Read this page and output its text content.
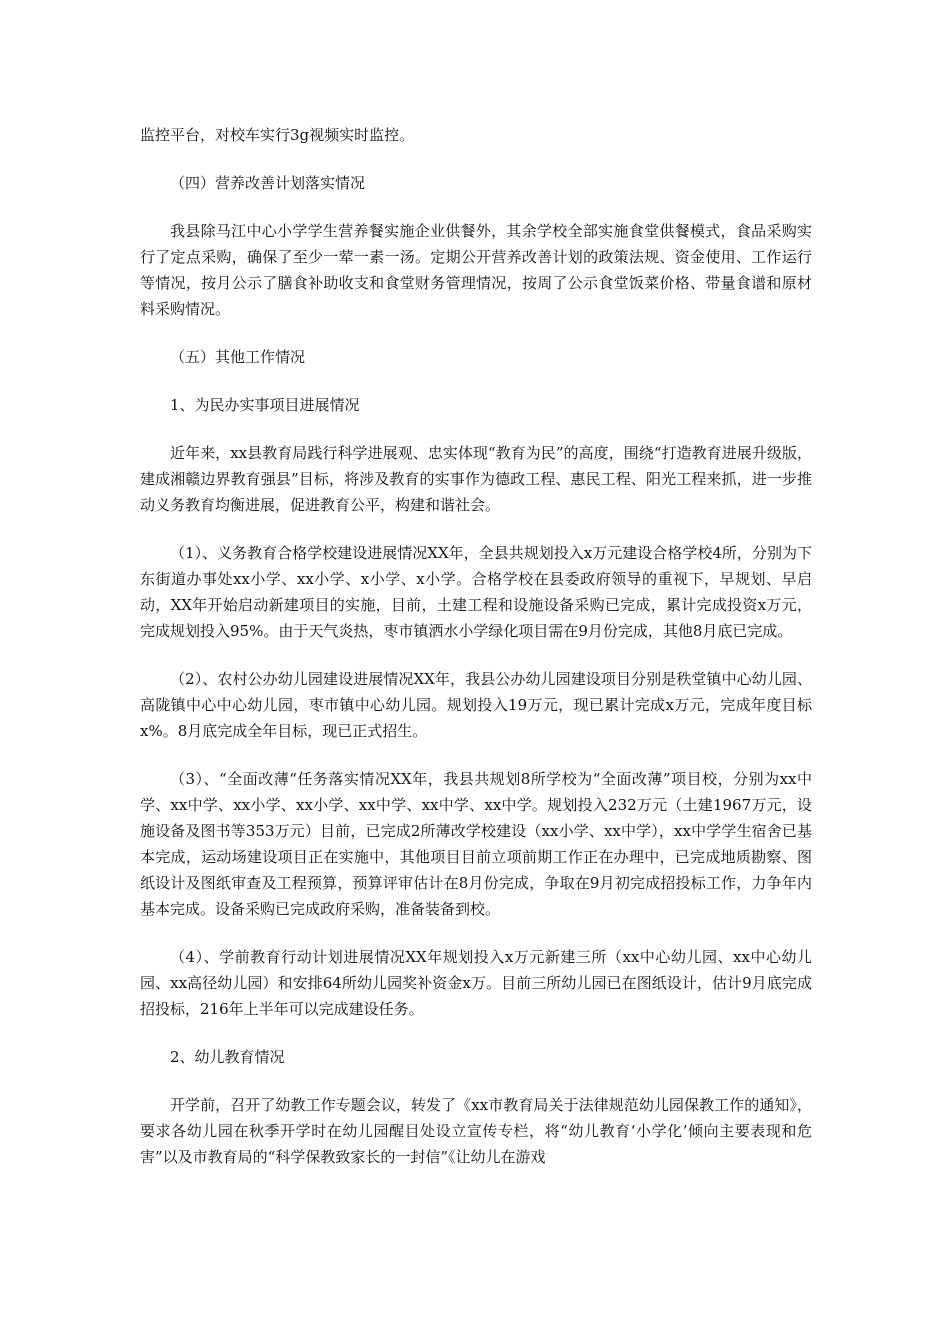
监控平台，对校车实行3g视频实时监控。

（四）营养改善计划落实情况

我县除马江中心小学学生营养餐实施企业供餐外，其余学校全部实施食堂供餐模式，食品采购实行了定点采购，确保了至少一荤一素一汤。定期公开营养改善计划的政策法规、资金使用、工作运行等情况，按月公示了膳食补助收支和食堂财务管理情况，按周了公示食堂饭菜价格、带量食谱和原材料采购情况。

（五）其他工作情况

1、为民办实事项目进展情况

近年来，xx县教育局践行科学进展观、忠实体现“教育为民”的高度，围绕“打造教育进展升级版，建成湘赣边界教育强县”目标，将涉及教育的实事作为德政工程、惠民工程、阳光工程来抓，进一步推动义务教育均衡进展，促进教育公平，构建和谐社会。

（1）、义务教育合格学校建设进展情况XX年，全县共规划投入x万元建设合格学校4所，分别为下东街道办事处xx小学、xx小学、x小学、x小学。合格学校在县委政府领导的重视下，早规划、早启动，XX年开始启动新建项目的实施，目前，土建工程和设施设备采购已完成，累计完成投资x万元，完成规划投入95%。由于天气炎热，枣市镇洒水小学绿化项目需在9月份完成，其他8月底已完成。

（2）、农村公办幼儿园建设进展情况XX年，我县公办幼儿园建设项目分别是秩堂镇中心幼儿园、高陇镇中心中心幼儿园，枣市镇中心幼儿园。规划投入19万元，现已累计完成x万元，完成年度目标x%。8月底完成全年目标，现已正式招生。

（3）、“全面改薄“任务落实情况XX年，我县共规划8所学校为“全面改薄”项目校，分别为xx中学、xx中学、xx小学、xx小学、xx中学、xx中学、xx中学。规划投入232万元（土建1967万元，设施设备及图书等353万元）目前，已完成2所薄改学校建设（xx小学、xx中学），xx中学学生宿舍已基本完成，运动场建设项目正在实施中，其他项目目前立项前期工作正在办理中，已完成地质勘察、图纸设计及图纸审查及工程预算，预算评审估计在8月份完成，争取在9月初完成招投标工作，力争年内基本完成。设备采购已完成政府采购，准备装备到校。

（4）、学前教育行动计划进展情况XX年规划投入x万元新建三所（xx中心幼儿园、xx中心幼儿园、xx高径幼儿园）和安排64所幼儿园奖补资金x万。目前三所幼儿园已在图纸设计，估计9月底完成招投标，216年上半年可以完成建设任务。

2、幼儿教育情况

开学前，召开了幼教工作专题会议，转发了《xx市教育局关于法律规范幼儿园保教工作的通知》，要求各幼儿园在秋季开学时在幼儿园醒目处设立宣传专栏，将“幼儿教育‘小学化’倾向主要表现和危害”以及市教育局的“科学保教致家长的一封信”《让幼儿在游戏
